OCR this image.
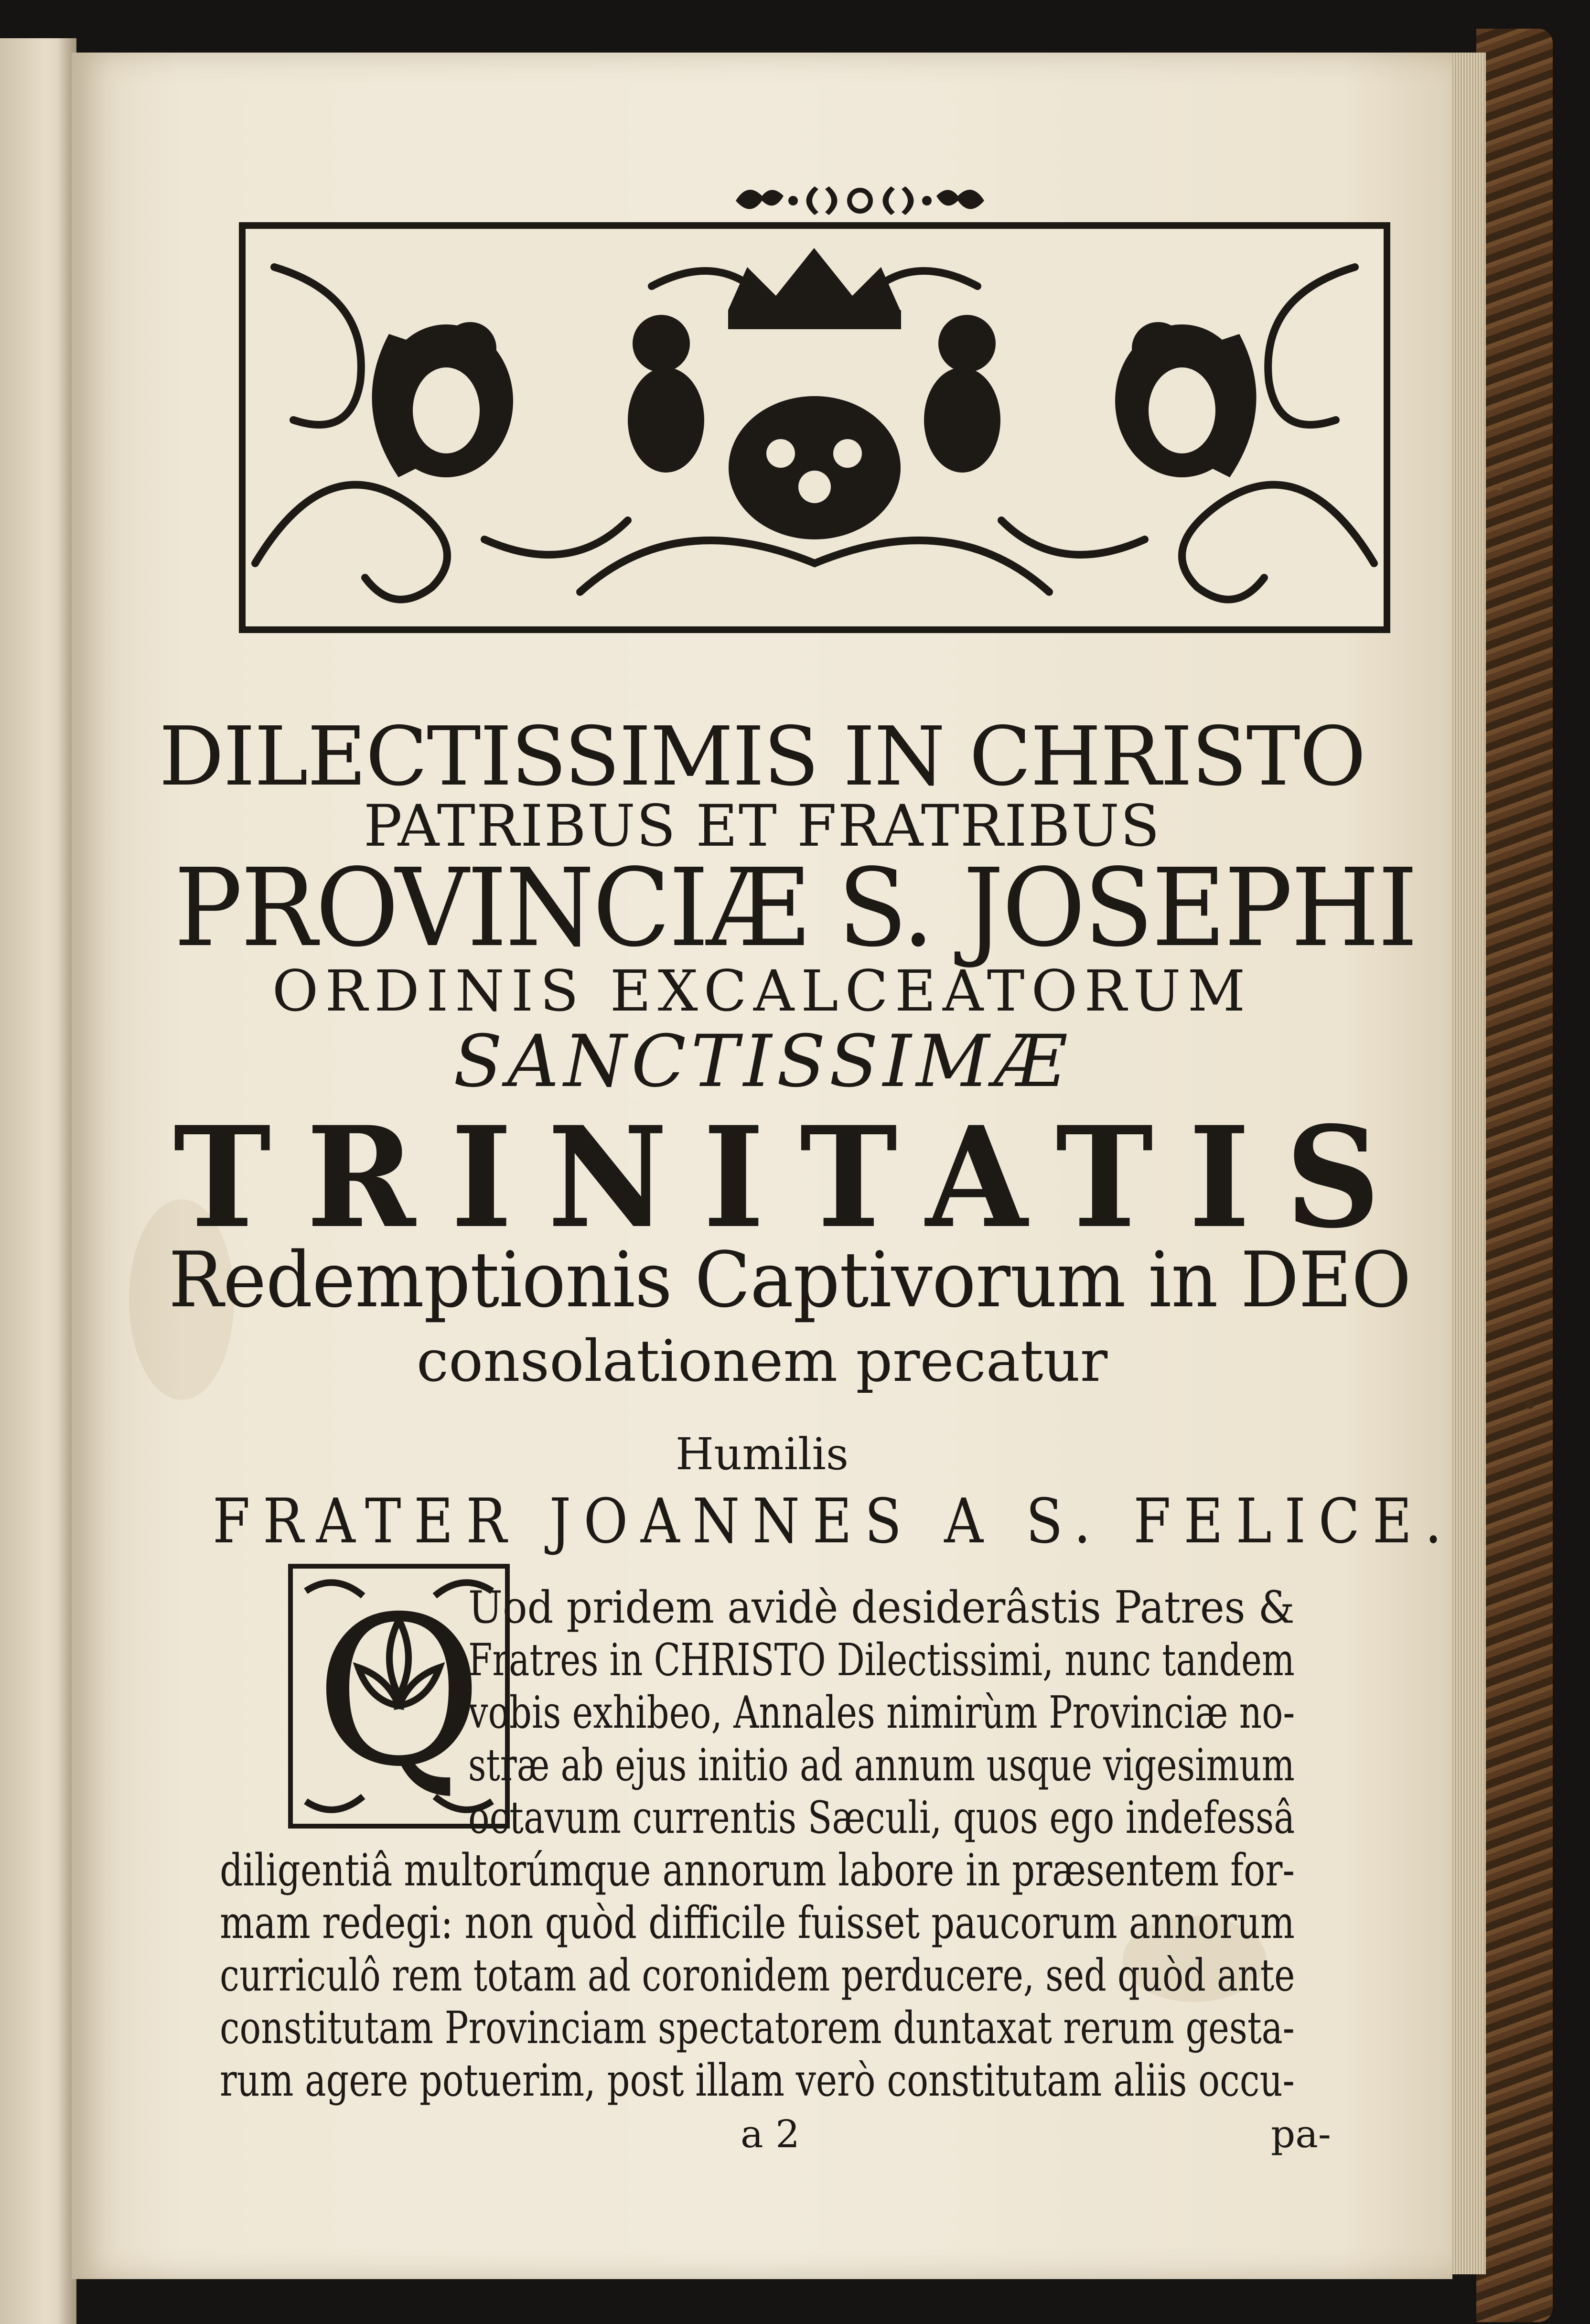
DILECTISSIMIS IN CHRISTO
PATRIBUS ET FRATRIBUS
PROVINCIÆ S. JOSEPHI
ORDINIS EXCALCEATORUM
SANCTISSIMÆ
TRINITATIS
Redemptionis Captivorum in DEO
consolationem precatur
Humilis
FRATER JOANNES A S. FELICE.
Q
Uod pridem avidè desiderâstis Patres &
Fratres in CHRISTO Dilectissimi, nunc tandem
vobis exhibeo, Annales nimirùm Provinciæ no-
stræ ab ejus initio ad annum usque vigesimum
octavum currentis Sæculi, quos ego indefessâ
diligentiâ multorúmque annorum labore in præsentem for-
mam redegi: non quòd difficile fuisset paucorum annorum
curriculô rem totam ad coronidem perducere, sed quòd ante
constitutam Provinciam spectatorem duntaxat rerum gesta-
rum agere potuerim, post illam verò constitutam aliis occu-
a 2	pa-
